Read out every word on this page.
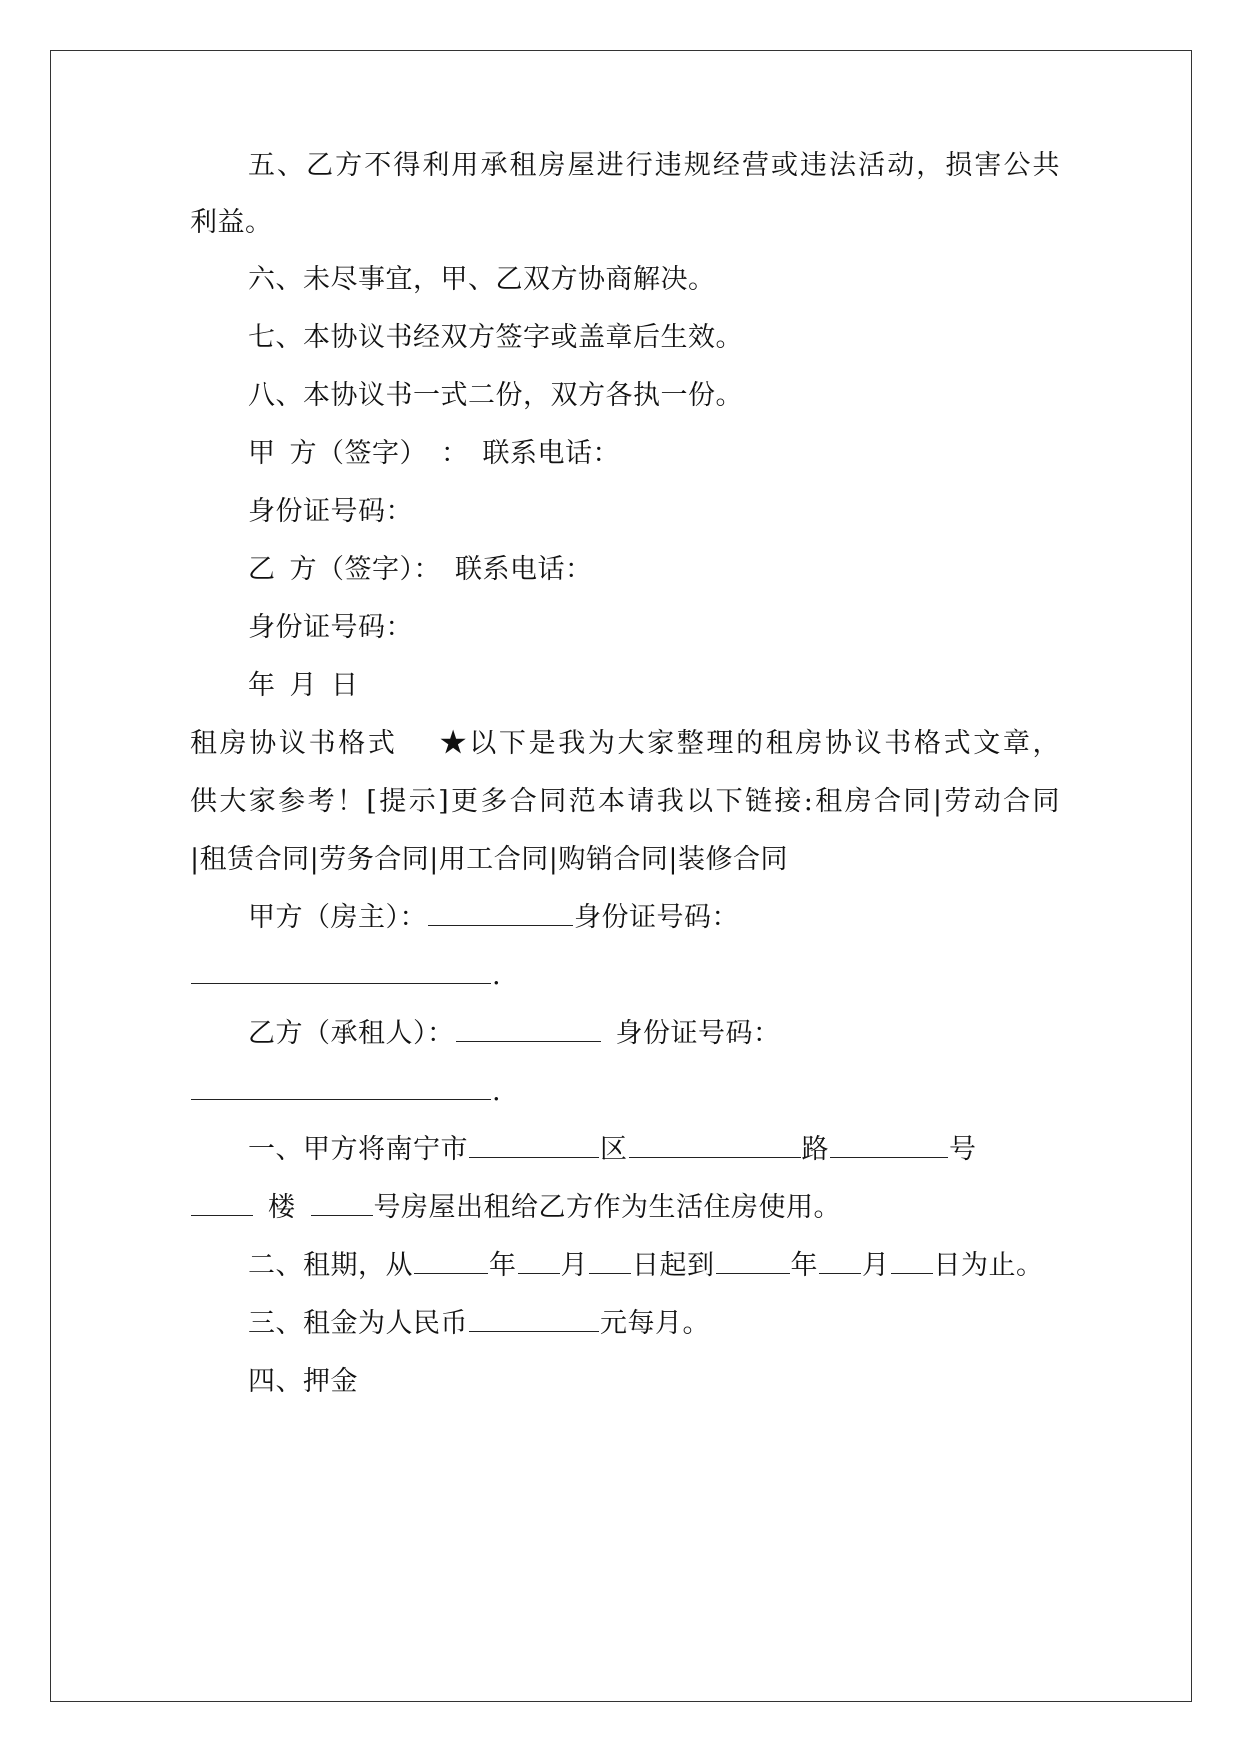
五、乙方不得利用承租房屋进行违规经营或违法活动，损害公共
利益。
六、未尽事宜，甲、乙双方协商解决。
七、本协议书经双方签字或盖章后生效。
八、本协议书一式二份，双方各执一份。
甲 方（签字） ： 联系电话：
身份证号码：
乙 方（签字）： 联系电话：
身份证号码：
年 月 日
租房协议书格式 ★以下是我为大家整理的租房协议书格式文章，
供大家参考！[提示]更多合同范本请我以下链接:租房合同|劳动合同
|租赁合同|劳务合同|用工合同|购销合同|装修合同
甲方（房主）：	身份证号码：
.
乙方（承租人）：	身份证号码：
.
一、甲方将南宁市	区	路	号
楼	号房屋出租给乙方作为生活住房使用。
二、租期，从	年 月 日起到	年 月 日为止。
三、租金为人民币	元每月。
四、押金
